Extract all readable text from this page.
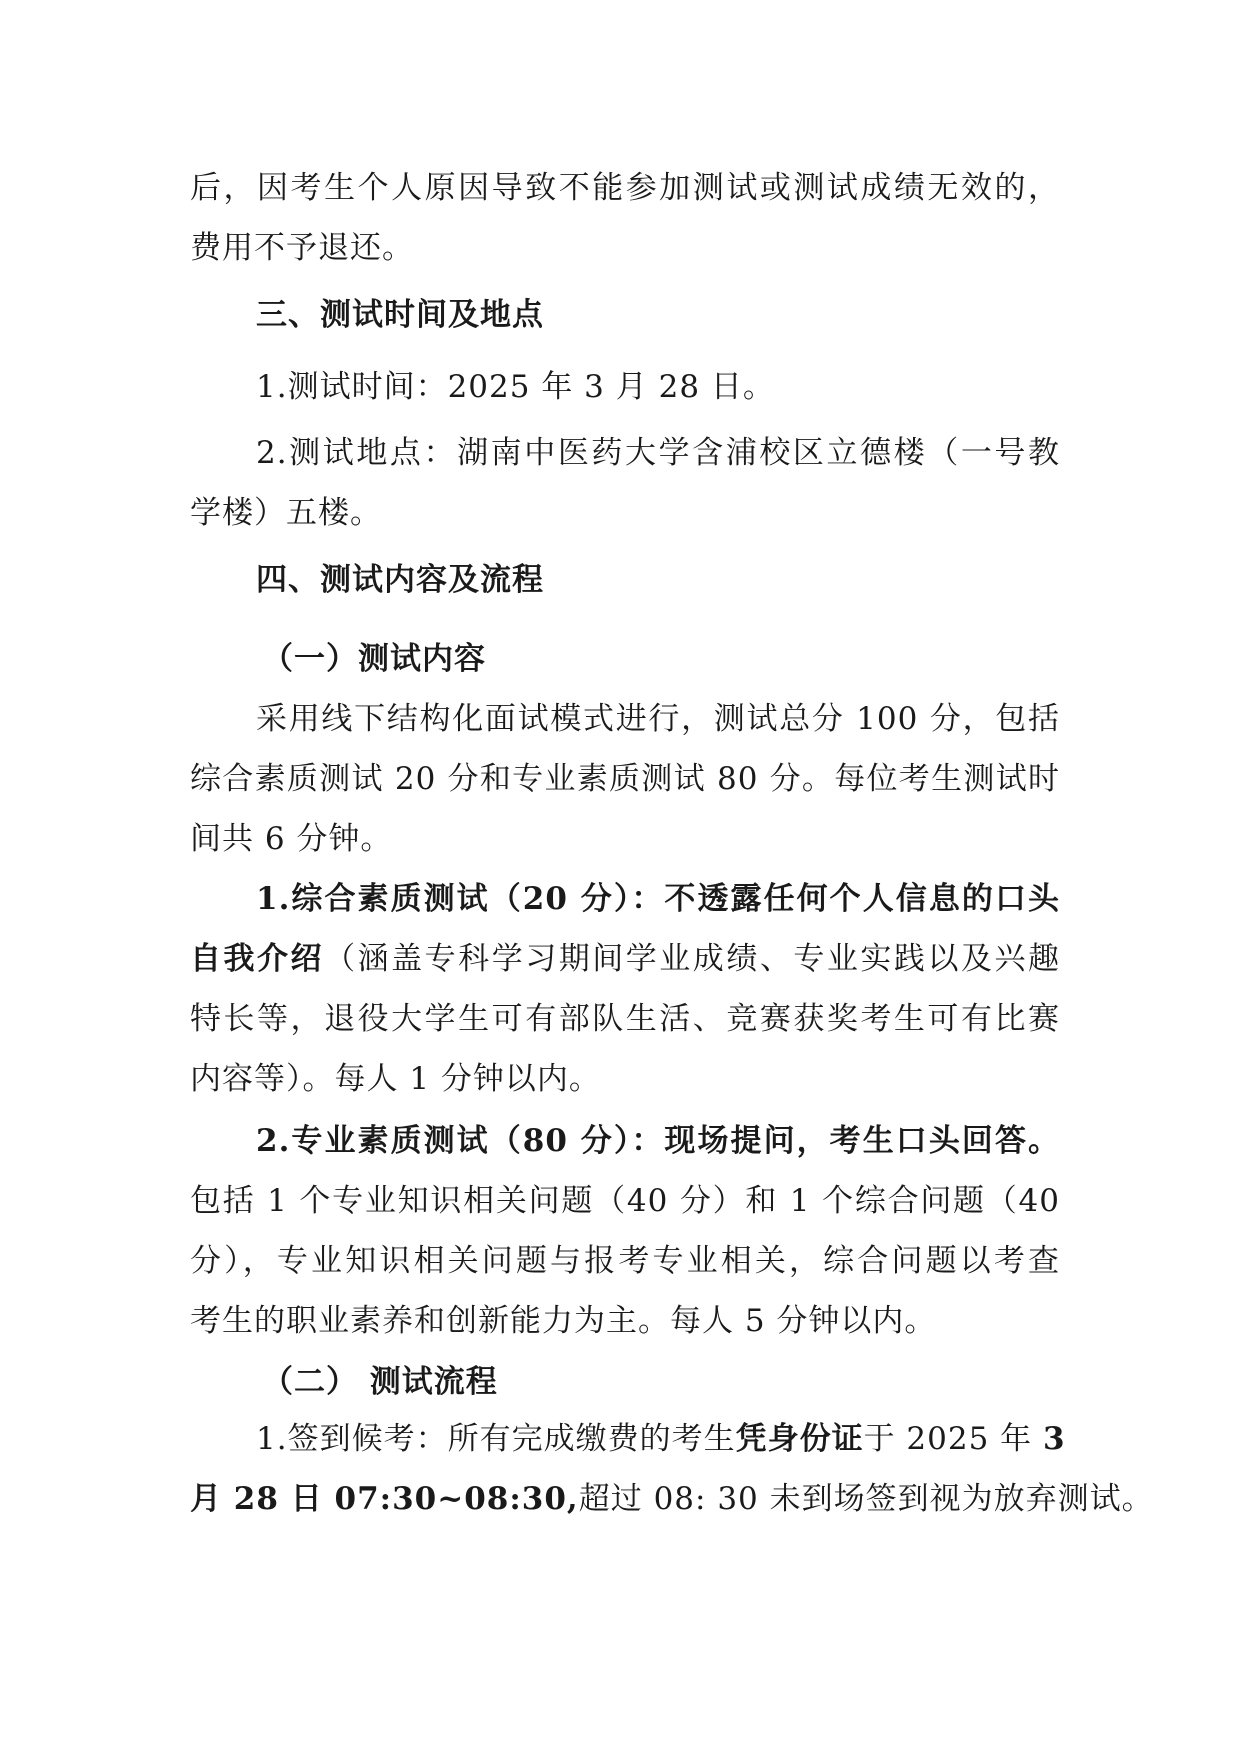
后，因考生个人原因导致不能参加测试或测试成绩无效的，
费用不予退还。
三、测试时间及地点
1.测试时间：2025 年 3 月 28 日。
2.测试地点：湖南中医药大学含浦校区立德楼（一号教
学楼）五楼。
四、测试内容及流程
（一）测试内容
采用线下结构化面试模式进行，测试总分 100 分，包括
综合素质测试 20 分和专业素质测试 80 分。每位考生测试时
间共 6 分钟。
1.综合素质测试（20 分）：不透露任何个人信息的口头
自我介绍（涵盖专科学习期间学业成绩、专业实践以及兴趣
特长等，退役大学生可有部队生活、竞赛获奖考生可有比赛
内容等）。每人 1 分钟以内。
2.专业素质测试（80 分）：现场提问，考生口头回答。
包括 1 个专业知识相关问题（40 分）和 1 个综合问题（40
分），专业知识相关问题与报考专业相关，综合问题以考查
考生的职业素养和创新能力为主。每人 5 分钟以内。
（二） 测试流程
1.签到候考：所有完成缴费的考生凭身份证于 2025 年 3
月 28 日 07:30~08:30,超过 08: 30 未到场签到视为放弃测试。
